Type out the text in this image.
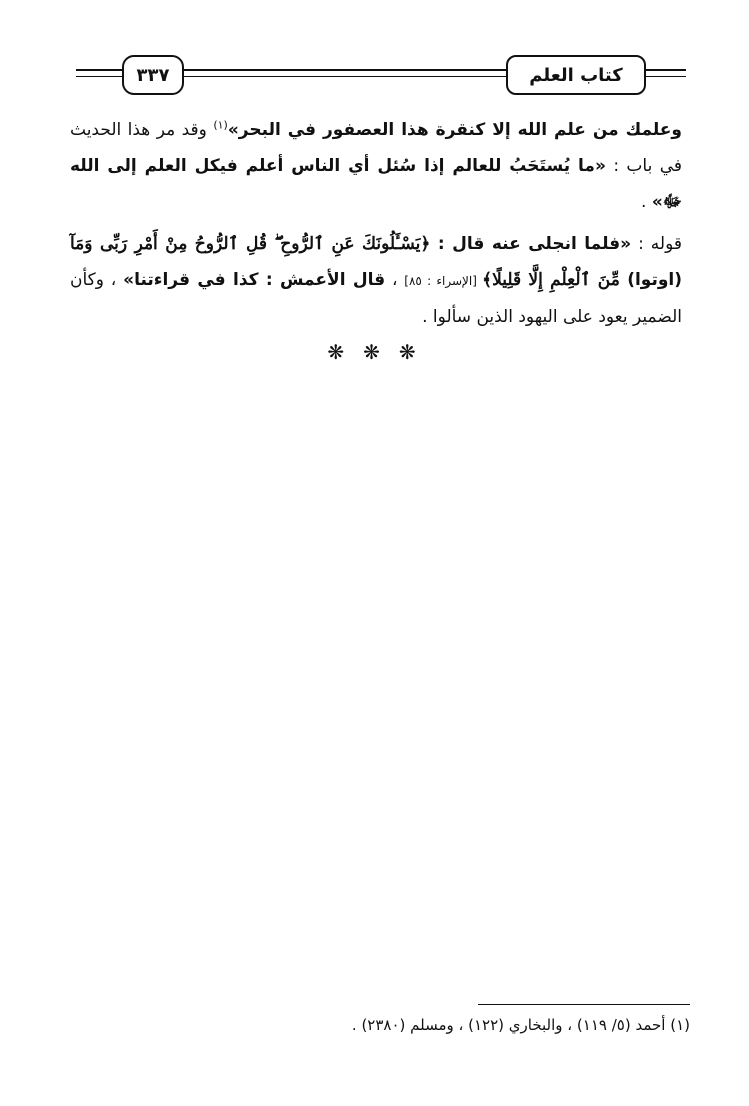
٣٣٧	كتاب العلم

وعلمك من علم الله إلا كنقرة هذا العصفور في البحر»$^{(١)}$ وقد مر هذا الحديث في باب : «ما يُستَحَبُ للعالم إذا سُئل أي الناس أعلم فيكل العلم إلى الله ﷻ» .

قوله : «فلما انجلى عنه قال : ﴿يَسْـَٔلُونَكَ عَنِ ٱلرُّوحِ ۖ قُلِ ٱلرُّوحُ مِنْ أَمْرِ رَبِّى وَمَآ (اوتوا) مِّنَ ٱلْعِلْمِ إِلَّا قَلِيلًا﴾ [الإسراء : ٨٥] ، قال الأعمش : كذا في قراءتنا» ، وكأن الضمير يعود على اليهود الذين سألوا .

❋ ❋ ❋
(١) أحمد (٥/ ١١٩) ، والبخاري (١٢٢) ، ومسلم (٢٣٨٠) .
